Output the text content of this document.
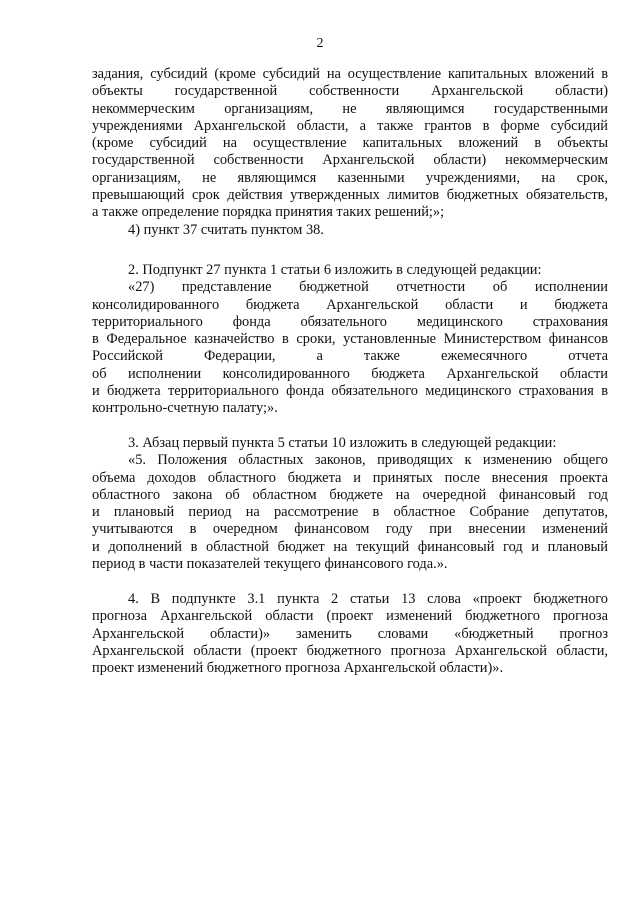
2
задания, субсидий (кроме субсидий на осуществление капитальных вложений в
объекты государственной собственности Архангельской области)
некоммерческим организациям, не являющимся государственными
учреждениями Архангельской области, а также грантов в форме субсидий
(кроме субсидий на осуществление капитальных вложений в объекты
государственной собственности Архангельской области) некоммерческим
организациям, не являющимся казенными учреждениями, на срок,
превышающий срок действия утвержденных лимитов бюджетных обязательств,
а также определение порядка принятия таких решений;»;
4) пункт 37 считать пунктом 38.
2. Подпункт 27 пункта 1 статьи 6 изложить в следующей редакции:
«27) представление бюджетной отчетности об исполнении
консолидированного бюджета Архангельской области и бюджета
территориального фонда обязательного медицинского страхования
в Федеральное казначейство в сроки, установленные Министерством финансов
Российской Федерации, а также ежемесячного отчета
об исполнении консолидированного бюджета Архангельской области
и бюджета территориального фонда обязательного медицинского страхования в
контрольно-счетную палату;».
3. Абзац первый пункта 5 статьи 10 изложить в следующей редакции:
«5. Положения областных законов, приводящих к изменению общего
объема доходов областного бюджета и принятых после внесения проекта
областного закона об областном бюджете на очередной финансовый год
и плановый период на рассмотрение в областное Собрание депутатов,
учитываются в очередном финансовом году при внесении изменений
и дополнений в областной бюджет на текущий финансовый год и плановый
период в части показателей текущего финансового года.».
4. В подпункте 3.1 пункта 2 статьи 13 слова «проект бюджетного
прогноза Архангельской области (проект изменений бюджетного прогноза
Архангельской области)» заменить словами «бюджетный прогноз
Архангельской области (проект бюджетного прогноза Архангельской области,
проект изменений бюджетного прогноза Архангельской области)».
